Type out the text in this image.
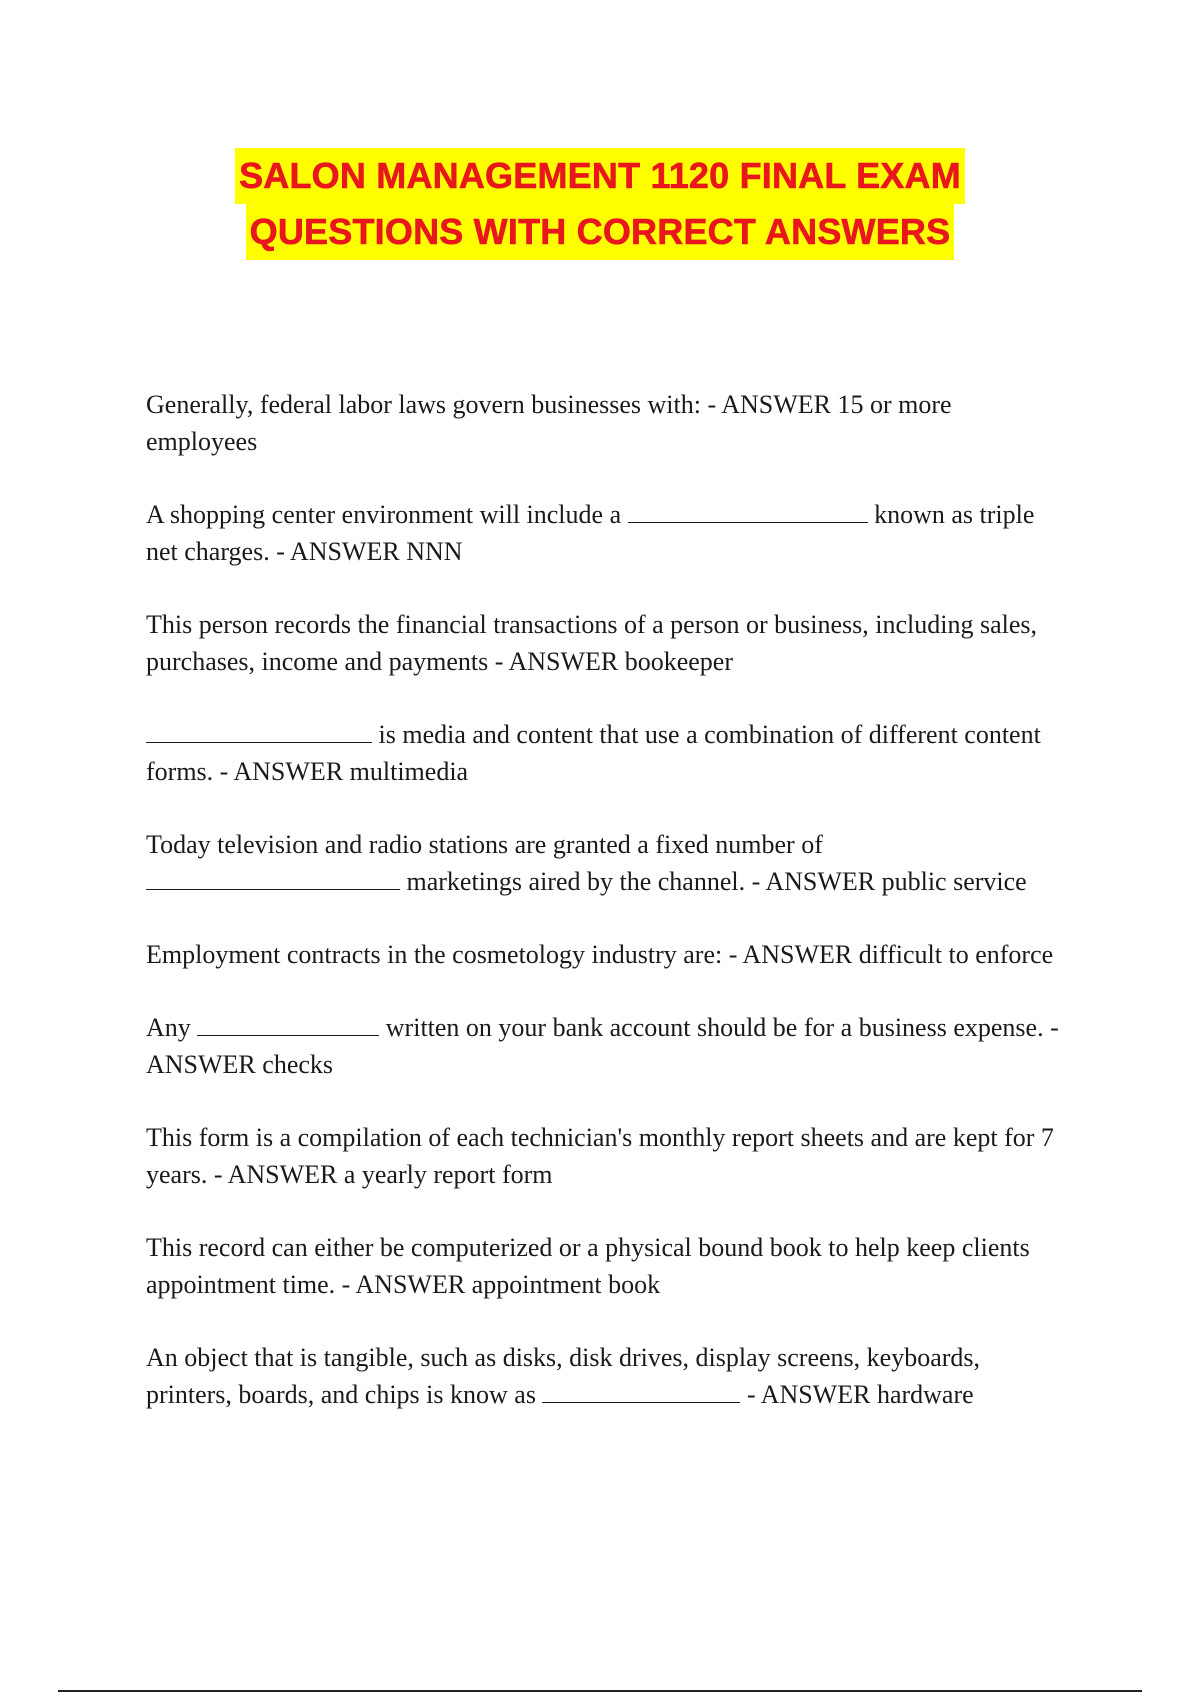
SALON MANAGEMENT 1120 FINAL EXAM
QUESTIONS WITH CORRECT ANSWERS

Generally, federal labor laws govern businesses with: - ANSWER 15 or more employees

A shopping center environment will include a	known as triple net charges. - ANSWER NNN

This person records the financial transactions of a person or business, including sales, purchases, income and payments - ANSWER bookeeper

is media and content that use a combination of different content forms. - ANSWER multimedia

Today television and radio stations are granted a fixed number of  marketings aired by the channel. - ANSWER public service

Employment contracts in the cosmetology industry are: - ANSWER difficult to enforce

Any	written on your bank account should be for a business expense. - ANSWER checks

This form is a compilation of each technician's monthly report sheets and are kept for 7 years. - ANSWER a yearly report form

This record can either be computerized or a physical bound book to help keep clients appointment time. - ANSWER appointment book

An object that is tangible, such as disks, disk drives, display screens, keyboards, printers, boards, and chips is know as	- ANSWER hardware
